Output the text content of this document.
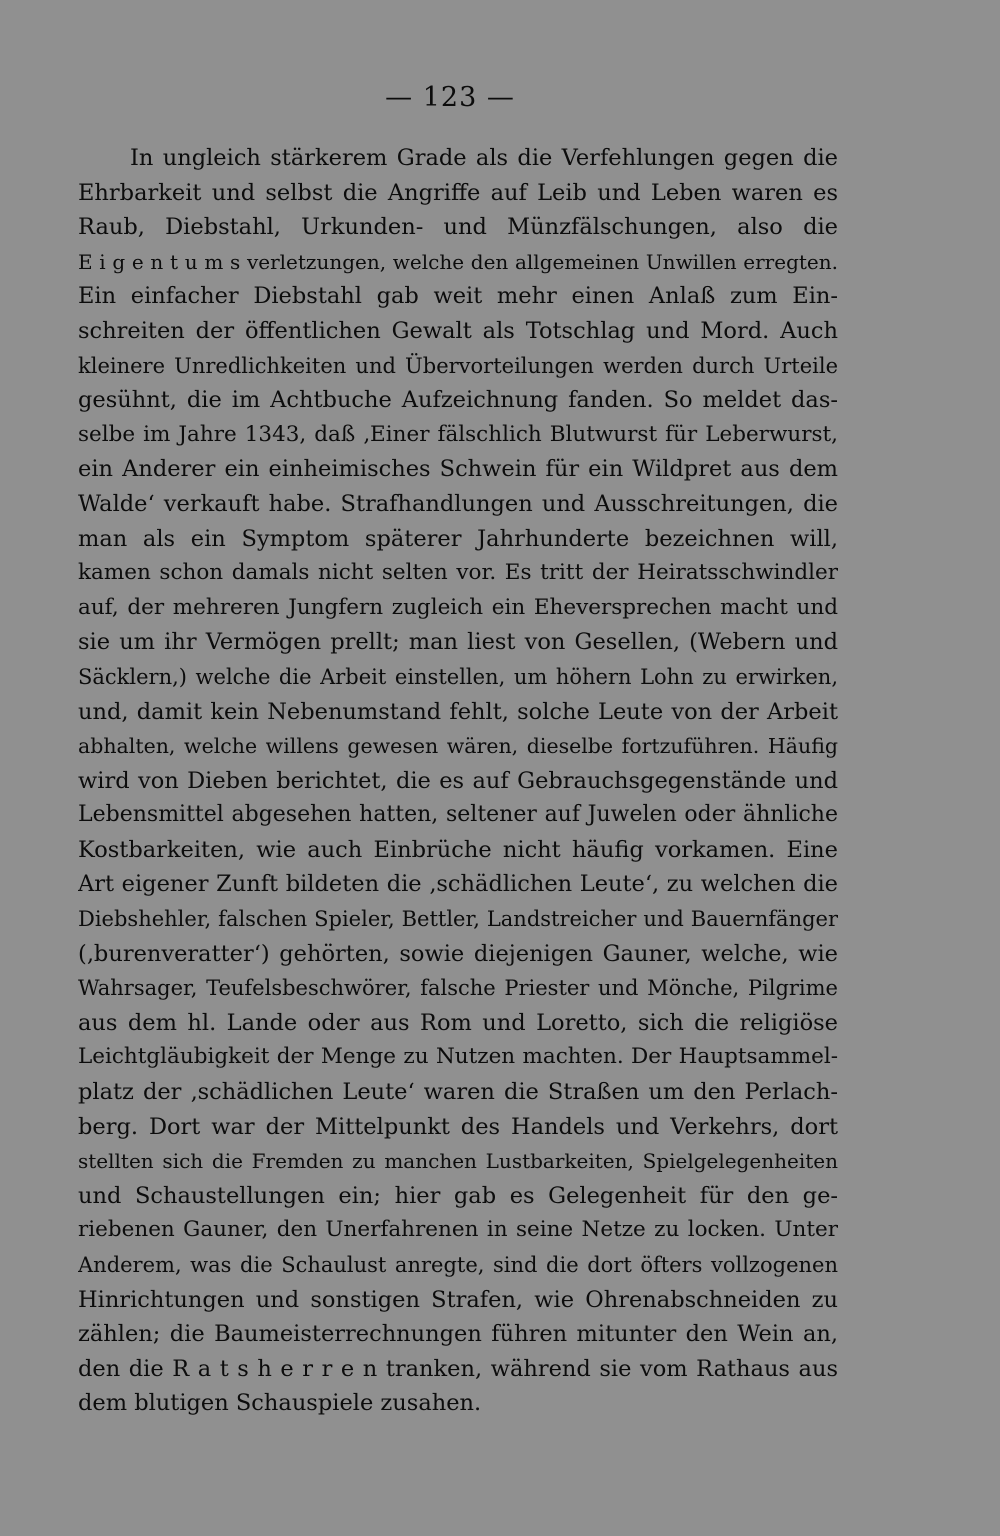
— 123 —
In ungleich stärkerem Grade als die Verfehlungen gegen die
Ehrbarkeit und selbst die Angriffe auf Leib und Leben waren es
Raub, Diebstahl, Urkunden- und Münzfälschungen, also die
E i g e n t u m s verletzungen, welche den allgemeinen Unwillen erregten.
Ein einfacher Diebstahl gab weit mehr einen Anlaß zum Ein-
schreiten der öffentlichen Gewalt als Totschlag und Mord. Auch
kleinere Unredlichkeiten und Übervorteilungen werden durch Urteile
gesühnt, die im Achtbuche Aufzeichnung fanden. So meldet das-
selbe im Jahre 1343, daß ‚Einer fälschlich Blutwurst für Leberwurst,
ein Anderer ein einheimisches Schwein für ein Wildpret aus dem
Walde‘ verkauft habe. Strafhandlungen und Ausschreitungen, die
man als ein Symptom späterer Jahrhunderte bezeichnen will,
kamen schon damals nicht selten vor. Es tritt der Heiratsschwindler
auf, der mehreren Jungfern zugleich ein Eheversprechen macht und
sie um ihr Vermögen prellt; man liest von Gesellen, (Webern und
Säcklern,) welche die Arbeit einstellen, um höhern Lohn zu erwirken,
und, damit kein Nebenumstand fehlt, solche Leute von der Arbeit
abhalten, welche willens gewesen wären, dieselbe fortzuführen. Häufig
wird von Dieben berichtet, die es auf Gebrauchsgegenstände und
Lebensmittel abgesehen hatten, seltener auf Juwelen oder ähnliche
Kostbarkeiten, wie auch Einbrüche nicht häufig vorkamen. Eine
Art eigener Zunft bildeten die ‚schädlichen Leute‘, zu welchen die
Diebshehler, falschen Spieler, Bettler, Landstreicher und Bauernfänger
(‚burenveratter‘) gehörten, sowie diejenigen Gauner, welche, wie
Wahrsager, Teufelsbeschwörer, falsche Priester und Mönche, Pilgrime
aus dem hl. Lande oder aus Rom und Loretto, sich die religiöse
Leichtgläubigkeit der Menge zu Nutzen machten. Der Hauptsammel-
platz der ‚schädlichen Leute‘ waren die Straßen um den Perlach-
berg. Dort war der Mittelpunkt des Handels und Verkehrs, dort
stellten sich die Fremden zu manchen Lustbarkeiten, Spielgelegenheiten
und Schaustellungen ein; hier gab es Gelegenheit für den ge-
riebenen Gauner, den Unerfahrenen in seine Netze zu locken. Unter
Anderem, was die Schaulust anregte, sind die dort öfters vollzogenen
Hinrichtungen und sonstigen Strafen, wie Ohrenabschneiden zu
zählen; die Baumeisterrechnungen führen mitunter den Wein an,
den die R a t s h e r r e n tranken, während sie vom Rathaus aus
dem blutigen Schauspiele zusahen.
